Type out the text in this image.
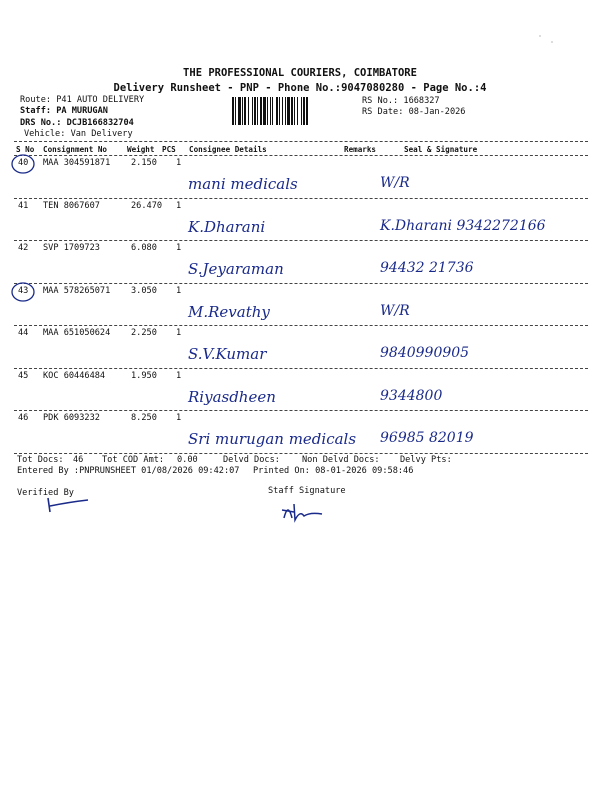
THE PROFESSIONAL COURIERS, COIMBATORE
Delivery Runsheet - PNP - Phone No.:9047080280 - Page No.:4
Route: P41 AUTO DELIVERY
Staff: PA MURUGAN
DRS No.: DCJB166832704
Vehicle: Van Delivery
RS No.: 1668327
RS Date: 08-Jan-2026
S No Consignment No	Weight PCS Consignee Details	Remarks	Seal & Signature
40 MAA 304591871 2.150 1
mani medicals	W/R
41 TEN 8067607	26.470 1
K.Dharani	K.Dharani 9342272166
42 SVP 1709723	6.080 1
S.Jeyaraman	94432 21736
43 MAA 578265071 3.050 1
M.Revathy	W/R
44 MAA 651050624 2.250 1
S.V.Kumar	9840990905
45 KOC 60446484	1.950 1
Riyasdheen	9344800
46 PDK 6093232	8.250 1
Sri murugan medicals 96985 82019
Tot Docs: 46 Tot COD Amt: 0.00	Delvd Docs:	Non Delvd Docs: Delvy Pts:
Entered By :PNPRUNSHEET 01/08/2026 09:42:07 Printed On: 08-01-2026 09:58:46
Verified By	Staff Signature
